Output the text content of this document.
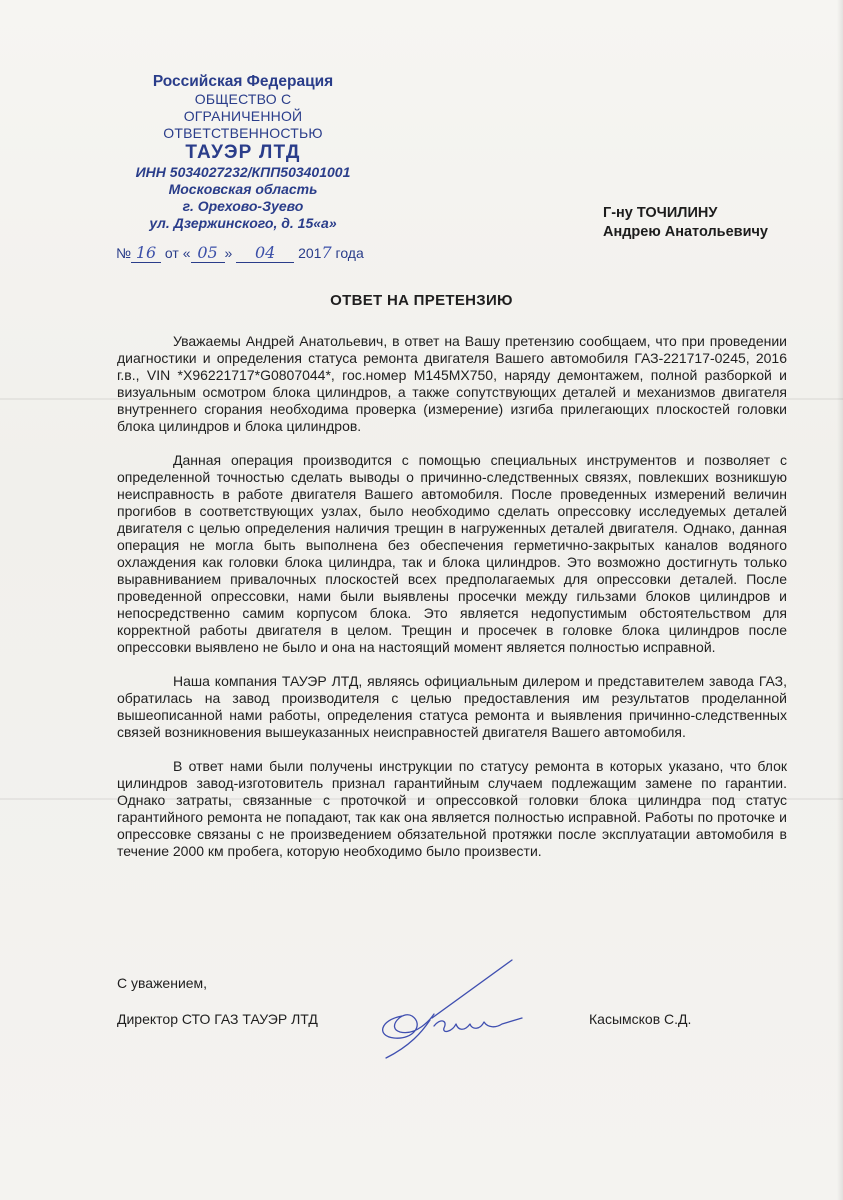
Российская Федерация
ОБЩЕСТВО С
ОГРАНИЧЕННОЙ
ОТВЕТСТВЕННОСТЬЮ
ТАУЭР ЛТД
ИНН 5034027232/КПП503401001
Московская область
г. Орехово-Зуево
ул. Дзержинского, д. 15«а»
№ 16 от « 05 » 04 2017 года
Г-ну ТОЧИЛИНУ
Андрею Анатольевичу
ОТВЕТ НА ПРЕТЕНЗИЮ

Уважаемы Андрей Анатольевич, в ответ на Вашу претензию сообщаем, что при проведении диагностики и определения статуса ремонта двигателя Вашего автомобиля ГАЗ-221717-0245, 2016 г.в., VIN *X96221717*G0807044*, гос.номер М145МХ750, наряду демонтажем, полной разборкой и визуальным осмотром блока цилиндров, а также сопутствующих деталей и механизмов двигателя внутреннего сгорания необходима проверка (измерение) изгиба прилегающих плоскостей головки блока цилиндров и блока цилиндров.

Данная операция производится с помощью специальных инструментов и позволяет с определенной точностью сделать выводы о причинно-следственных связях, повлекших возникшую неисправность в работе двигателя Вашего автомобиля. После проведенных измерений величин прогибов в соответствующих узлах, было необходимо сделать опрессовку исследуемых деталей двигателя с целью определения наличия трещин в нагруженных деталей двигателя. Однако, данная операция не могла быть выполнена без обеспечения герметично-закрытых каналов водяного охлаждения как головки блока цилиндра, так и блока цилиндров. Это возможно достигнуть только выравниванием привалочных плоскостей всех предполагаемых для опрессовки деталей. После проведенной опрессовки, нами были выявлены просечки между гильзами блоков цилиндров и непосредственно самим корпусом блока. Это является недопустимым обстоятельством для корректной работы двигателя в целом. Трещин и просечек в головке блока цилиндров после опрессовки выявлено не было и она на настоящий момент является полностью исправной.

Наша компания ТАУЭР ЛТД, являясь официальным дилером и представителем завода ГАЗ, обратилась на завод производителя с целью предоставления им результатов проделанной вышеописанной нами работы, определения статуса ремонта и выявления причинно-следственных связей возникновения вышеуказанных неисправностей двигателя Вашего автомобиля.

В ответ нами были получены инструкции по статусу ремонта в которых указано, что блок цилиндров завод-изготовитель признал гарантийным случаем подлежащим замене по гарантии. Однако затраты, связанные с проточкой и опрессовкой головки блока цилиндра под статус гарантийного ремонта не попадают, так как она является полностью исправной. Работы по проточке и опрессовке связаны с не произведением обязательной протяжки после эксплуатации автомобиля в течение 2000 км пробега, которую необходимо было произвести.

С уважением,
Директор СТО ГАЗ ТАУЭР ЛТД	Касымсков С.Д.
